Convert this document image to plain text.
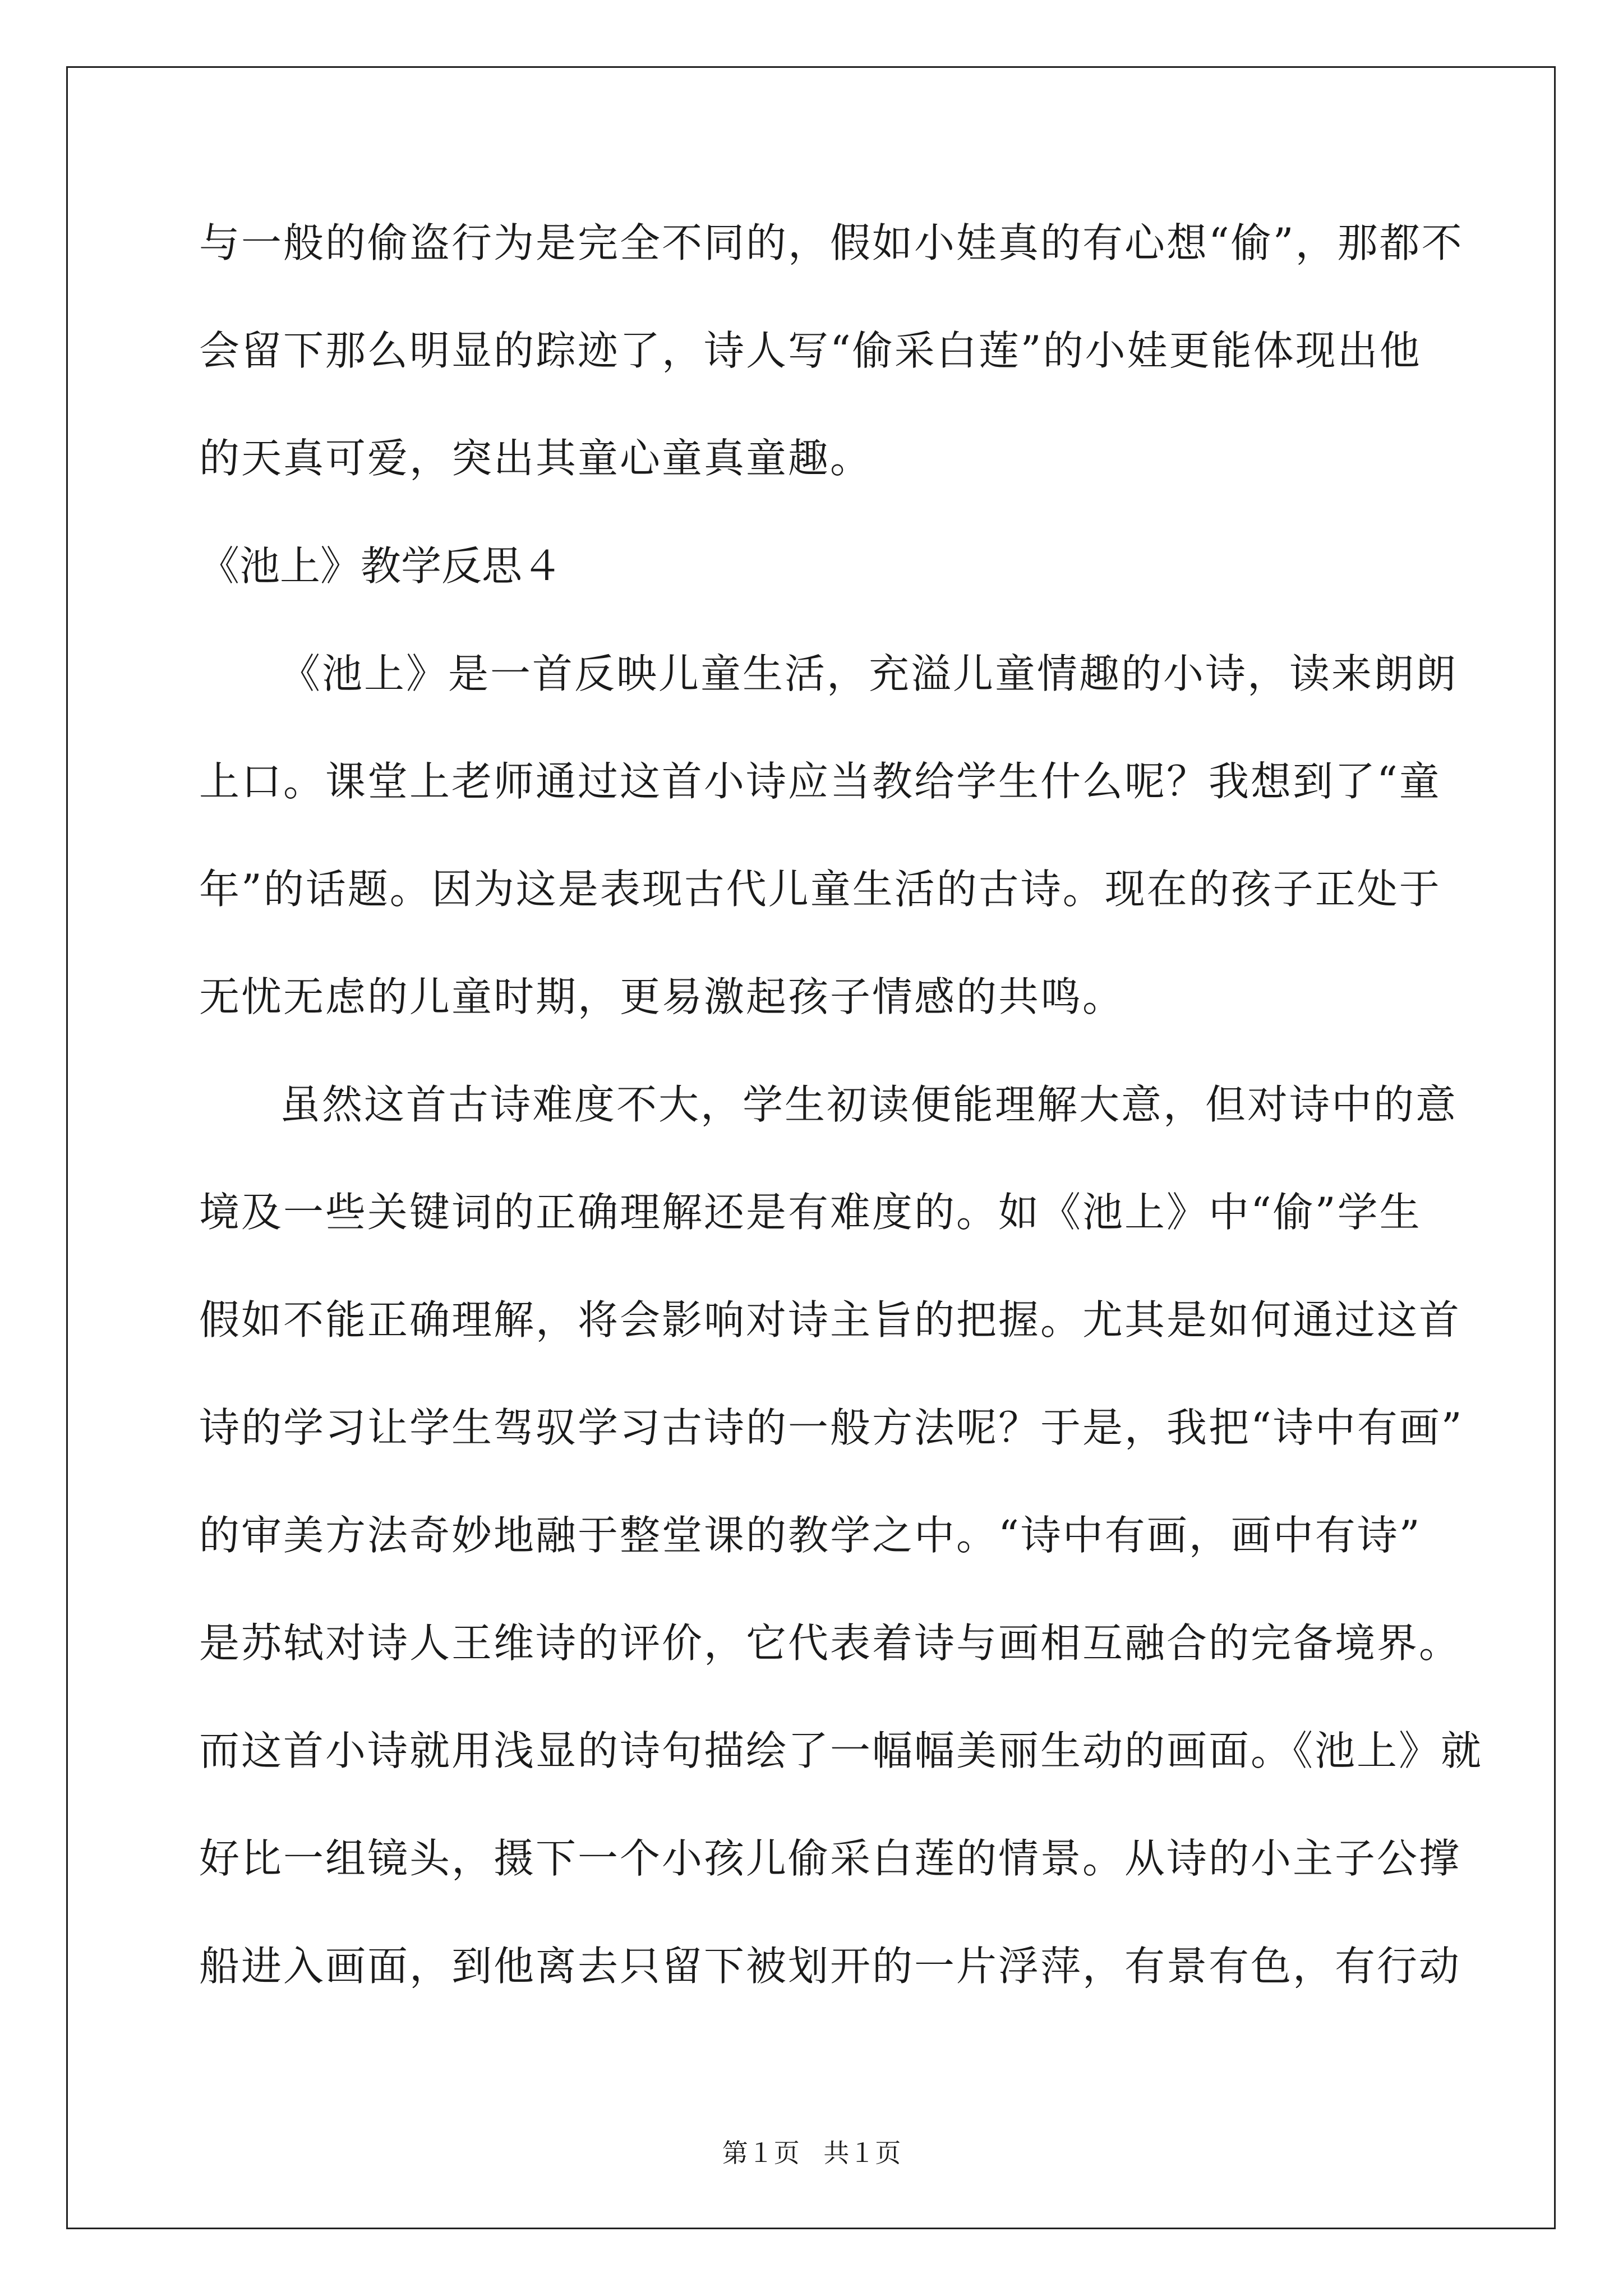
与一般的偷盗行为是完全不同的，假如小娃真的有心想“偷”，那都不
会留下那么明显的踪迹了，诗人写“偷采白莲”的小娃更能体现出他
的天真可爱，突出其童心童真童趣。
《池上》教学反思４
《池上》是一首反映儿童生活，充溢儿童情趣的小诗，读来朗朗
上口。课堂上老师通过这首小诗应当教给学生什么呢？我想到了“童
年”的话题。因为这是表现古代儿童生活的古诗。现在的孩子正处于
无忧无虑的儿童时期，更易激起孩子情感的共鸣。
虽然这首古诗难度不大，学生初读便能理解大意，但对诗中的意
境及一些关键词的正确理解还是有难度的。如《池上》中“偷”学生
假如不能正确理解，将会影响对诗主旨的把握。尤其是如何通过这首
诗的学习让学生驾驭学习古诗的一般方法呢？于是，我把“诗中有画”
的审美方法奇妙地融于整堂课的教学之中。“诗中有画，画中有诗”
是苏轼对诗人王维诗的评价，它代表着诗与画相互融合的完备境界。
而这首小诗就用浅显的诗句描绘了一幅幅美丽生动的画面。《池上》就
好比一组镜头，摄下一个小孩儿偷采白莲的情景。从诗的小主子公撑
船进入画面，到他离去只留下被划开的一片浮萍，有景有色，有行动
第１页 共１页
